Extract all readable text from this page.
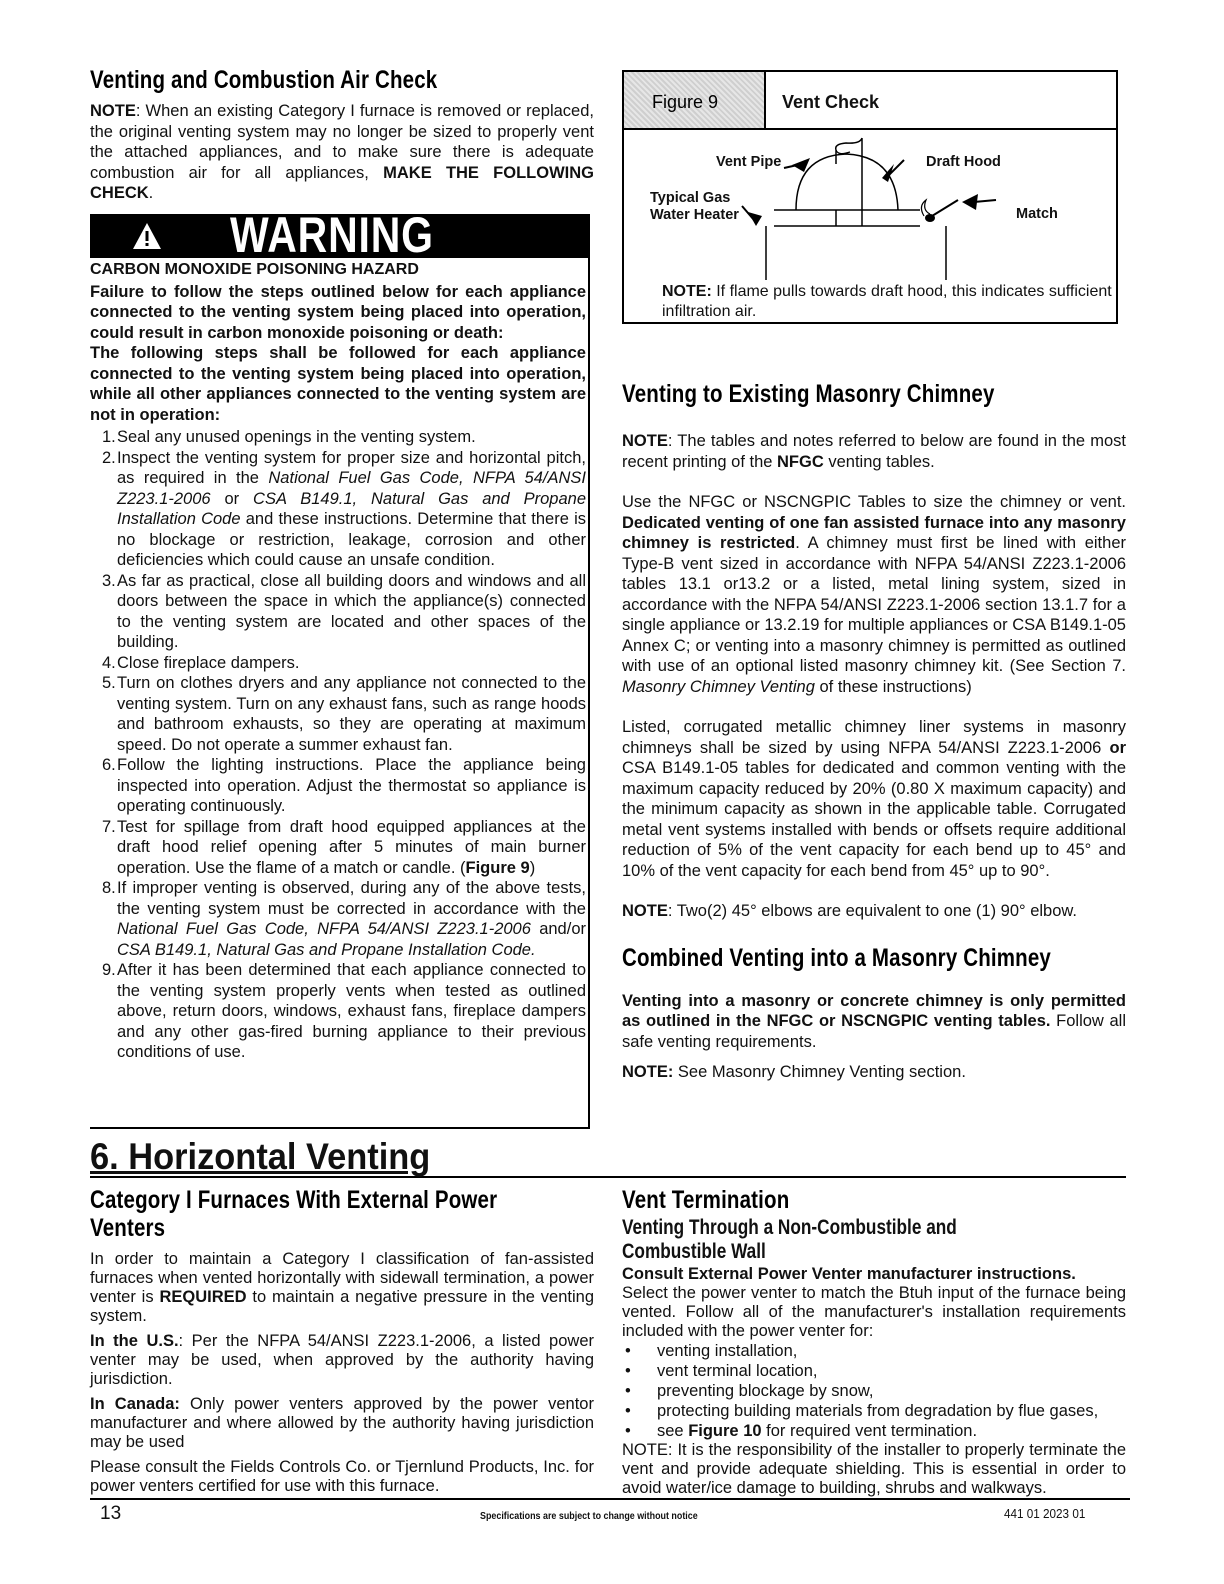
Venting and Combustion Air Check
NOTE: When an existing Category I furnace is removed or replaced, the original venting system may no longer be sized to properly vent the attached appliances, and to make sure there is adequate combustion air for all appliances, MAKE THE FOLLOWING CHECK.
WARNING
CARBON MONOXIDE POISONING HAZARD
Failure to follow the steps outlined below for each appliance connected to the venting system being placed into operation, could result in carbon monoxide poisoning or death:
The following steps shall be followed for each appliance connected to the venting system being placed into operation, while all other appliances connected to the venting system are not in operation:
1. Seal any unused openings in the venting system.
2. Inspect the venting system for proper size and horizontal pitch, as required in the National Fuel Gas Code, NFPA 54/ANSI Z223.1-2006 or CSA B149.1, Natural Gas and Propane Installation Code and these instructions. Determine that there is no blockage or restriction, leakage, corrosion and other deficiencies which could cause an unsafe condition.
3. As far as practical, close all building doors and windows and all doors between the space in which the appliance(s) connected to the venting system are located and other spaces of the building.
4. Close fireplace dampers.
5. Turn on clothes dryers and any appliance not connected to the venting system. Turn on any exhaust fans, such as range hoods and bathroom exhausts, so they are operating at maximum speed. Do not operate a summer exhaust fan.
6. Follow the lighting instructions. Place the appliance being inspected into operation. Adjust the thermostat so appliance is operating continuously.
7. Test for spillage from draft hood equipped appliances at the draft hood relief opening after 5 minutes of main burner operation. Use the flame of a match or candle. (Figure 9)
8. If improper venting is observed, during any of the above tests, the venting system must be corrected in accordance with the National Fuel Gas Code, NFPA 54/ANSI Z223.1-2006 and/or CSA B149.1, Natural Gas and Propane Installation Code.
9. After it has been determined that each appliance connected to the venting system properly vents when tested as outlined above, return doors, windows, exhaust fans, fireplace dampers and any other gas-fired burning appliance to their previous conditions of use.
Figure 9	Vent Check
Vent Pipe	Draft Hood
Typical Gas
Water Heater	Match
NOTE: If flame pulls towards draft hood, this indicates sufficient infiltration air.
Venting to Existing Masonry Chimney
NOTE: The tables and notes referred to below are found in the most recent printing of the NFGC venting tables.
Use the NFGC or NSCNGPIC Tables to size the chimney or vent. Dedicated venting of one fan assisted furnace into any masonry chimney is restricted. A chimney must first be lined with either Type-B vent sized in accordance with NFPA 54/ANSI Z223.1-2006 tables 13.1 or13.2 or a listed, metal lining system, sized in accordance with the NFPA 54/ANSI Z223.1-2006 section 13.1.7 for a single appliance or 13.2.19 for multiple appliances or CSA B149.1-05 Annex C; or venting into a masonry chimney is permitted as outlined with use of an optional listed masonry chimney kit. (See Section 7. Masonry Chimney Venting of these instructions)
Listed, corrugated metallic chimney liner systems in masonry chimneys shall be sized by using NFPA 54/ANSI Z223.1-2006 or CSA B149.1-05 tables for dedicated and common venting with the maximum capacity reduced by 20% (0.80 X maximum capacity) and the minimum capacity as shown in the applicable table. Corrugated metal vent systems installed with bends or offsets require additional reduction of 5% of the vent capacity for each bend up to 45° and 10% of the vent capacity for each bend from 45° up to 90°.
NOTE: Two(2) 45° elbows are equivalent to one (1) 90° elbow.
Combined Venting into a Masonry Chimney
Venting into a masonry or concrete chimney is only permitted as outlined in the NFGC or NSCNGPIC venting tables. Follow all safe venting requirements.
NOTE: See Masonry Chimney Venting section.
6. Horizontal Venting
Category I Furnaces With External Power
Venters
In order to maintain a Category I classification of fan-assisted furnaces when vented horizontally with sidewall termination, a power venter is REQUIRED to maintain a negative pressure in the venting system.
In the U.S.: Per the NFPA 54/ANSI Z223.1-2006, a listed power venter may be used, when approved by the authority having jurisdiction.
In Canada: Only power venters approved by the power ventor manufacturer and where allowed by the authority having jurisdiction may be used
Please consult the Fields Controls Co. or Tjernlund Products, Inc. for power venters certified for use with this furnace.
Vent Termination
Venting Through a Non-Combustible and
Combustible Wall
Consult External Power Venter manufacturer instructions.
Select the power venter to match the Btuh input of the furnace being vented. Follow all of the manufacturer's installation requirements included with the power venter for:
• venting installation,
• vent terminal location,
• preventing blockage by snow,
• protecting building materials from degradation by flue gases,
• see Figure 10 for required vent termination.
NOTE: It is the responsibility of the installer to properly terminate the vent and provide adequate shielding. This is essential in order to avoid water/ice damage to building, shrubs and walkways.
13	Specifications are subject to change without notice	441 01 2023 01
